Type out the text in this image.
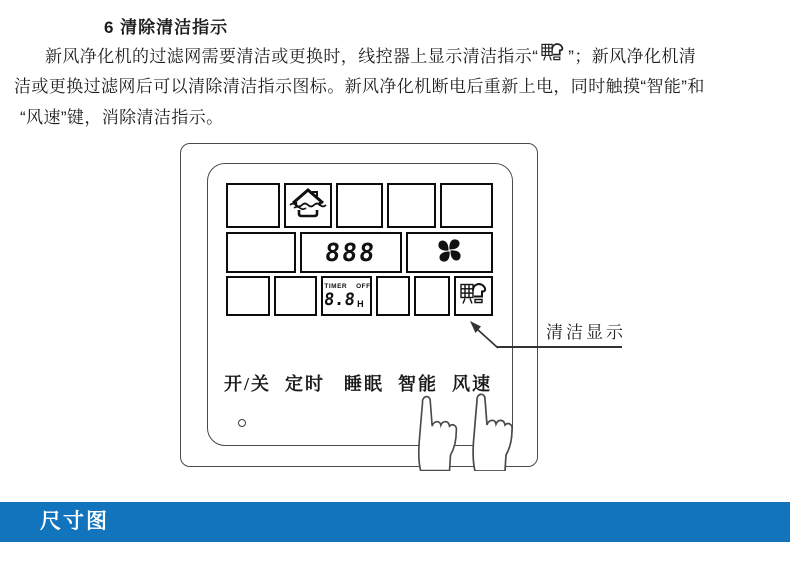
6 清除清洁指示
新风净化机的过滤网需要清洁或更换时，线控器上显示清洁指示“ ”；新风净化机清
洁或更换过滤网后可以清除清洁指示图标。新风净化机断电后重新上电，同时触摸“智能”和
“风速”键，消除清洁指示。
888
TIMER OFF
8.8 H
开/关 定时 睡眠 智能 风速
清洁显示
尺寸图
